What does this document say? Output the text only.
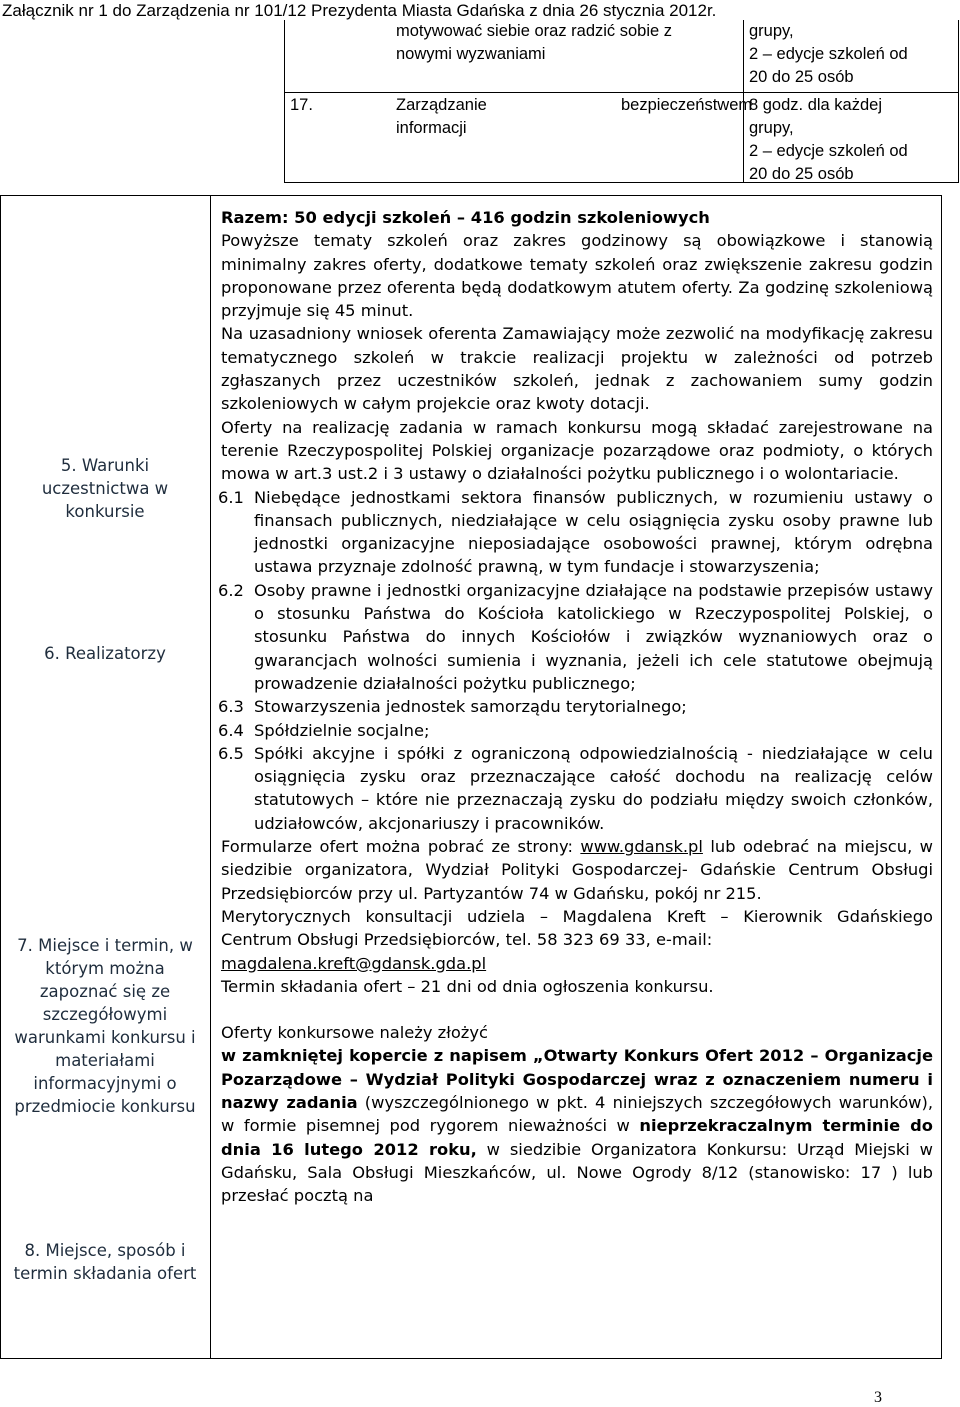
Załącznik nr 1 do Zarządzenia nr 101/12 Prezydenta Miasta Gdańska z dnia 26 stycznia 2012r.
motywować siebie oraz radzić sobie z
nowymi wyzwaniami
grupy,
2 – edycje szkoleń od
20 do 25 osób
17.	Zarządzanie	bezpieczeństwem
informacji
8 godz. dla każdej
grupy,
2 – edycje szkoleń od
20 do 25 osób
5. Warunki uczestnictwa w konkursie
6. Realizatorzy
7. Miejsce i termin, w którym można zapoznać się ze szczegółowymi warunkami konkursu i materiałami informacyjnymi o przedmiocie konkursu
8. Miejsce, sposób i termin składania ofert

Razem: 50 edycji szkoleń – 416 godzin szkoleniowych

Powyższe tematy szkoleń oraz zakres godzinowy są obowiązkowe i stanowią minimalny zakres oferty, dodatkowe tematy szkoleń oraz zwiększenie zakresu godzin proponowane przez oferenta będą dodatkowym atutem oferty. Za godzinę szkoleniową przyjmuje się 45 minut.

Na uzasadniony wniosek oferenta Zamawiający może zezwolić na modyfikację zakresu tematycznego szkoleń w trakcie realizacji projektu w zależności od potrzeb zgłaszanych przez uczestników szkoleń, jednak z zachowaniem sumy godzin szkoleniowych w całym projekcie oraz kwoty dotacji.

Oferty na realizację zadania w ramach konkursu mogą składać zarejestrowane na terenie Rzeczypospolitej Polskiej organizacje pozarządowe oraz podmioty, o których mowa w art.3 ust.2 i 3 ustawy o działalności pożytku publicznego i o wolontariacie.

6.1 Niebędące jednostkami sektora finansów publicznych, w rozumieniu ustawy o finansach publicznych, niedziałające w celu osiągnięcia zysku osoby prawne lub jednostki organizacyjne nieposiadające osobowości prawnej, którym odrębna ustawa przyznaje zdolność prawną, w tym fundacje i stowarzyszenia;
6.2 Osoby prawne i jednostki organizacyjne działające na podstawie przepisów ustawy o stosunku Państwa do Kościoła katolickiego w Rzeczypospolitej Polskiej, o stosunku Państwa do innych Kościołów i związków wyznaniowych oraz o gwarancjach wolności sumienia i wyznania, jeżeli ich cele statutowe obejmują prowadzenie działalności pożytku publicznego;
6.3 Stowarzyszenia jednostek samorządu terytorialnego;
6.4 Spółdzielnie socjalne;
6.5 Spółki akcyjne i spółki z ograniczoną odpowiedzialnością - niedziałające w celu osiągnięcia zysku oraz przeznaczające całość dochodu na realizację celów statutowych – które nie przeznaczają zysku do podziału między swoich członków, udziałowców, akcjonariuszy i pracowników.

Formularze ofert można pobrać ze strony: www.gdansk.pl lub odebrać na miejscu, w siedzibie organizatora, Wydział Polityki Gospodarczej- Gdańskie Centrum Obsługi Przedsiębiorców przy ul. Partyzantów 74 w Gdańsku, pokój nr 215.

Merytorycznych konsultacji udziela – Magdalena Kreft – Kierownik Gdańskiego Centrum Obsługi Przedsiębiorców, tel. 58 323 69 33, e-mail:
magdalena.kreft@gdansk.gda.pl

Termin składania ofert – 21 dni od dnia ogłoszenia konkursu.

Oferty konkursowe należy złożyć

w zamkniętej kopercie z napisem „Otwarty Konkurs Ofert 2012 – Organizacje Pozarządowe – Wydział Polityki Gospodarczej wraz z oznaczeniem numeru i nazwy zadania (wyszczególnionego w pkt. 4 niniejszych szczegółowych warunków), w formie pisemnej pod rygorem nieważności w nieprzekraczalnym terminie do dnia 16 lutego 2012 roku, w siedzibie Organizatora Konkursu: Urząd Miejski w Gdańsku, Sala Obsługi Mieszkańców, ul. Nowe Ogrody 8/12 (stanowisko: 17 ) lub przesłać pocztą na

3
